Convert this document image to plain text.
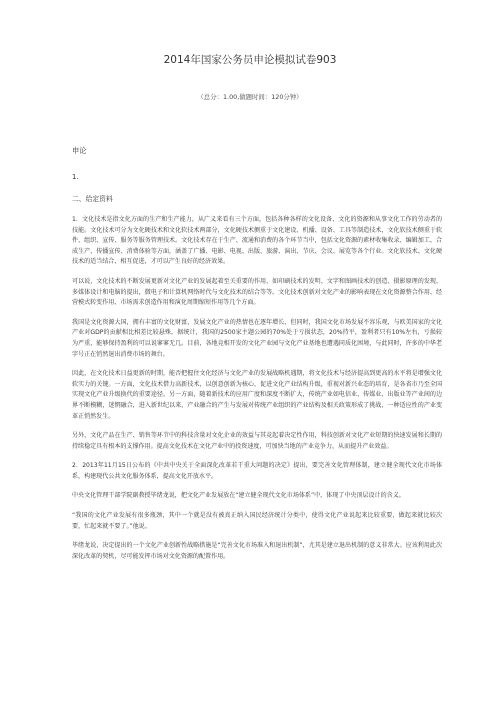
2014年国家公务员申论模拟试卷903
（总分：1.00,做题时间：120分钟）
申论
1.
二、给定资料

1．文化技术是指文化方面的生产和生产能力，从广义来看有三个方面，包括各种各样的文化设备、文化的资源和从事文化工作的劳动者的技能。文化技术可分为文化硬技术和文化软技术两部分，文化硬技术侧重于文化建设、机播、设备、工具等制造技术，文化软技术侧重于软件、组织、宣传、服务等服务管理技术。文化技术存在于生产、流通和消费的各个环节当中，包括文化资源的素材收集收录、编辑加工、合成生产、传播宣传、消费体验等方面，涵盖了广播、电影、电视、出版、旅游、演出、节庆、会议、展览等各个行业。文化软技术、文化硬技术的适当结合、相互促进，才可以产生良好的经济效果。

可以说，文化技术的不断发展更新对文化产业的发展起着至关重要的作用，如印刷技术的发明、文字和图画技术的创造、摄影原理的发现、多媒体设计和电脑的提出，微电子和计算机网络时代与文化技术的结合等等。文化技术创新对文化产业的影响表现在文化资源整合作用、经营模式转变作用、市场需求创造作用和演化周期缩短作用等几个方面。

我国是文化资源大国，拥有丰富的文化财富，发展文化产业的热情也在逐年增长，但同时，我国文化市场发展不容乐观，与欧美国家的文化产业对GDP的贡献相比相差比较悬殊。据统计，我国的2500家主题公园的70%处于亏损状态，20%持平，盈利者只有10%左右，亏损较为严重，能够保持盈利的可以说寥寥无几。目前，各地竞相开发的文化产业园与文化产业基地也遭遇同质化困境，与此同时，许多的中华老字号正在悄然退出消费市场的舞台。

因此，在文化技术日益更新的时期，能否把握住文化经济与文化产业的发展战略机遇期，将文化技术与经济提高到更高的水平将是增强文化软实力的关键。一方面，文化技术借力高新技术，以创意创新为核心，促进文化产业结构升级，重视对新兴业态的培育，是各省市乃至全国实现文化产业升级换代的重要途径。另一方面，随着新技术的应用广度和深度不断扩大，传统产业如电信业、传媒业、出版业等产业间的边界不断模糊，迷惘融合，进入新世纪以来，产业融合的产生与发展对传统产业组织的产业结构及相关政策形成了挑战，一种适应性的产业变革正悄然发生。

另外，文化产品在生产、销售等环节中的科技含量对文化企业的效益与其竞起着决定性作用，科技创新对文化产业短期的快速发展和长期的持续稳定具有根本的支撑作用。提高文化技术在文化产业中的投资速度，可加快当地的产业竞争力，从而提升产业效益。

2．2013年11月15日公布的《中共中央关于全面深化改革若干重大问题的决定》提出，要完善文化管理体制，建立健全现代文化市场体系，构建现代公共文化服务体系，提高文化开放水平。

中央文化管理干部学院副教授毕绪龙说，把文化产业发展放在“建立健全现代文化市场体系”中，体现了中央顶层设计的含义。

“我国的文化产业发展有很多瓶颈，其中一个就是没有被真正纳入国民经济统计分类中，使得文化产业说起来比较重要，做起来就比较次要，忙起来就不要了。”他说。

毕绪龙说，决定提出的一个文化产业创新性战略措施是“完善文化市场准入和退出机制”，尤其是建立退出机制的意义非常大。应该利用此次深化改革的契机，尽可能发挥市场对文化资源的配置作用。
